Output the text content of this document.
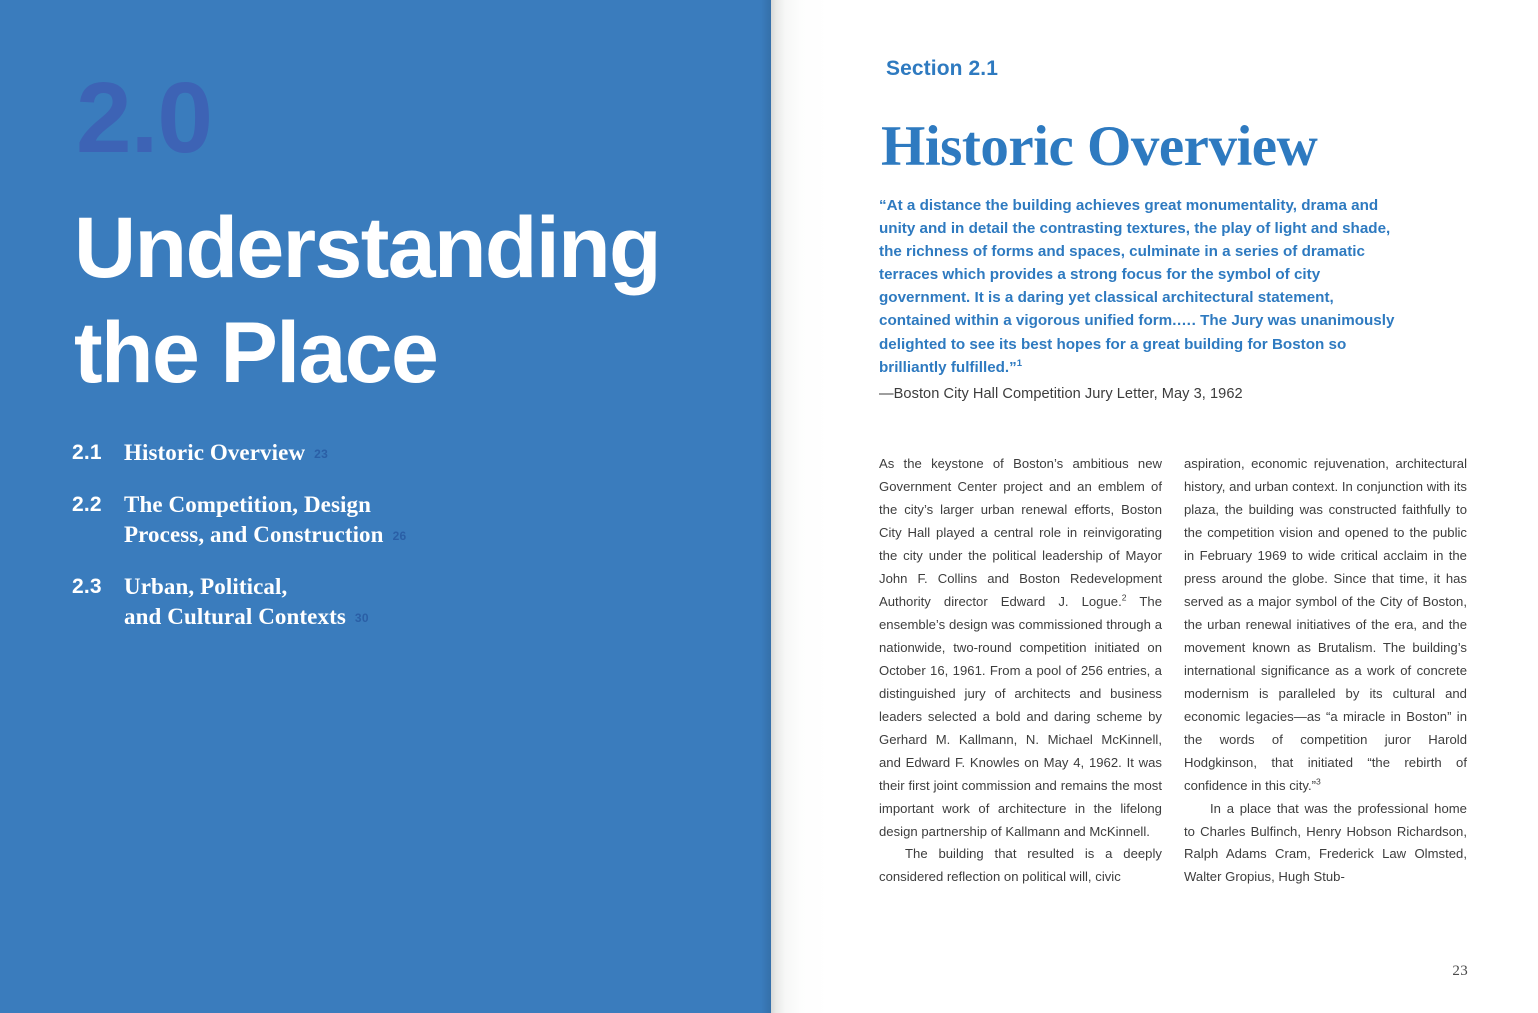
2.0
Understanding
the Place
2.1 Historic Overview 23
2.2 The Competition, Design
Process, and Construction 26
2.3 Urban, Political,
and Cultural Contexts 30
Section 2.1
Historic Overview
“At a distance the building achieves great monumentality, drama and unity and in detail the contrasting textures, the play of light and shade, the richness of forms and spaces, culminate in a series of dramatic terraces which provides a strong focus for the symbol of city government. It is a daring yet classical architectural statement, contained within a vigorous unified form.…. The Jury was unanimously delighted to see its best hopes for a great building for Boston so brilliantly fulfilled.”$^1$
—Boston City Hall Competition Jury Letter, May 3, 1962

As the keystone of Boston’s ambitious new Government Center project and an emblem of the city’s larger urban renewal efforts, Boston City Hall played a central role in reinvigorating the city under the political leadership of Mayor John F. Collins and Boston Redevelopment Authority director Edward J. Logue.$^2$ The ensemble’s design was commissioned through a nationwide, two-round competition initiated on October 16, 1961. From a pool of 256 entries, a distinguished jury of architects and business leaders selected a bold and daring scheme by Gerhard M. Kallmann, N. Michael McKinnell, and Edward F. Knowles on May 4, 1962. It was their first joint commission and remains the most important work of architecture in the lifelong design partnership of Kallmann and McKinnell.

The building that resulted is a deeply considered reflection on political will, civic

aspiration, economic rejuvenation, architectural history, and urban context. In conjunction with its plaza, the building was constructed faithfully to the competition vision and opened to the public in February 1969 to wide critical acclaim in the press around the globe. Since that time, it has served as a major symbol of the City of Boston, the urban renewal initiatives of the era, and the movement known as Brutalism. The building’s international significance as a work of concrete modernism is paralleled by its cultural and economic legacies—as “a miracle in Boston” in the words of competition juror Harold Hodgkinson, that initiated “the rebirth of confidence in this city.”$^3$

In a place that was the professional home to Charles Bulfinch, Henry Hobson Richardson, Ralph Adams Cram, Frederick Law Olmsted, Walter Gropius, Hugh Stub-

23
